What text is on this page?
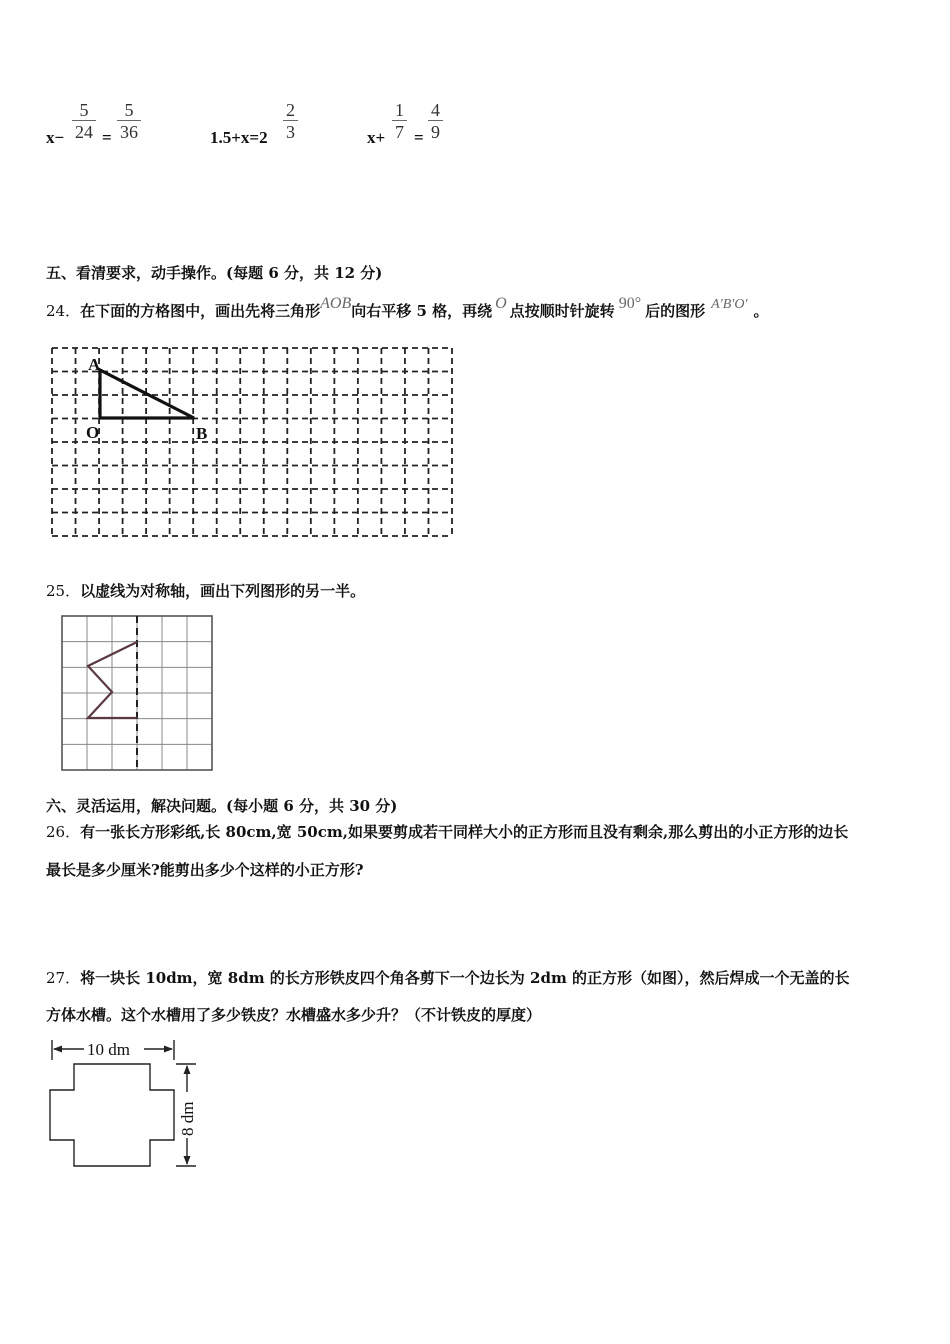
$x- \frac{5}{24} = \frac{5}{36}$	$1.5+x=2 \frac{2}{3}$	$x+ \frac{1}{7} = \frac{4}{9}$
五、看清要求，动手操作。(每题 6 分，共 12 分)
24．在下面的方格图中，画出先将三角形AOB向右平移 5 格，再绕 O 点按顺时针旋转 90° 后的图形 A′B′O′ 。
A
O	B
25．以虚线为对称轴，画出下列图形的另一半。
六、灵活运用，解决问题。(每小题 6 分，共 30 分)
26．有一张长方形彩纸,长 80cm,宽 50cm,如果要剪成若干同样大小的正方形而且没有剩余,那么剪出的小正方形的边长
最长是多少厘米?能剪出多少个这样的小正方形?
27．将一块长 10dm，宽 8dm 的长方形铁皮四个角各剪下一个边长为 2dm 的正方形（如图），然后焊成一个无盖的长
方体水槽。这个水槽用了多少铁皮？水槽盛水多少升？（不计铁皮的厚度）
10 dm
8 dm
